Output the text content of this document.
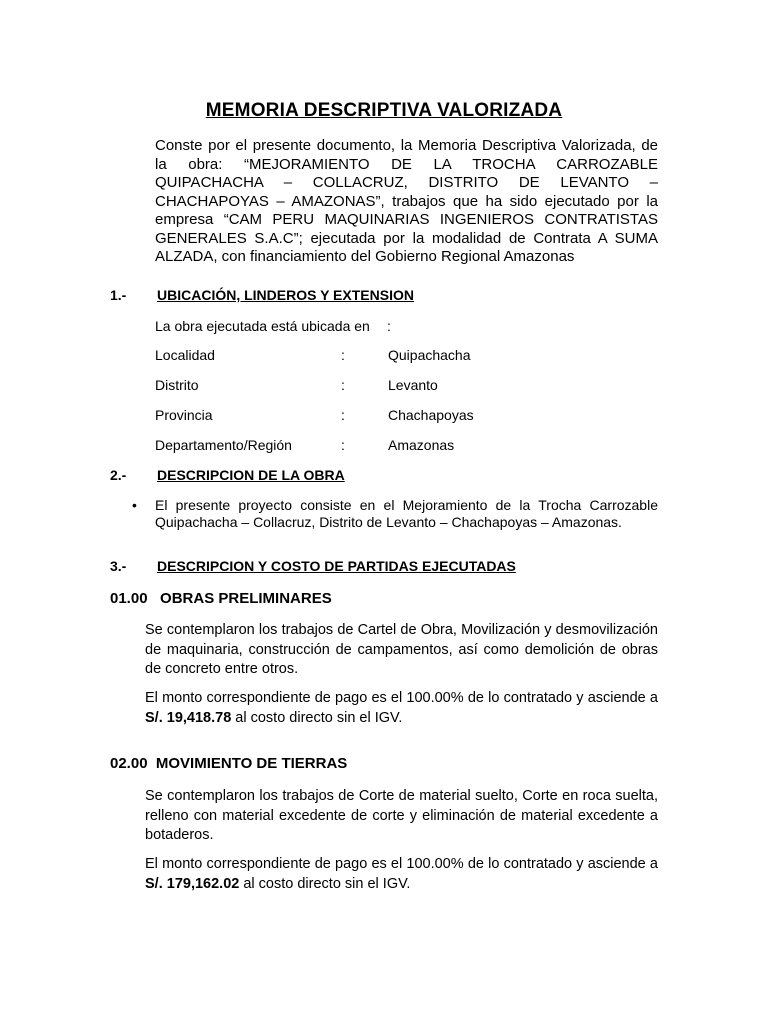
MEMORIA DESCRIPTIVA VALORIZADA

Conste por el presente documento, la Memoria Descriptiva Valorizada, de la obra: “MEJORAMIENTO DE LA TROCHA CARROZABLE QUIPACHACHA – COLLACRUZ, DISTRITO DE LEVANTO – CHACHAPOYAS – AMAZONAS”, trabajos que ha sido ejecutado por la empresa “CAM PERU MAQUINARIAS INGENIEROS CONTRATISTAS GENERALES S.A.C”; ejecutada por la modalidad de Contrata A SUMA ALZADA, con financiamiento del Gobierno Regional Amazonas

1.- UBICACIÓN, LINDEROS Y EXTENSION
La obra ejecutada está ubicada en :
Localidad	:	Quipachacha
Distrito	:	Levanto
Provincia	:	Chachapoyas
Departamento/Región	:	Amazonas
2.- DESCRIPCION DE LA OBRA
• El presente proyecto consiste en el Mejoramiento de la Trocha Carrozable Quipachacha – Collacruz, Distrito de Levanto – Chachapoyas – Amazonas.

3.- DESCRIPCION Y COSTO DE PARTIDAS EJECUTADAS
01.00   OBRAS PRELIMINARES

Se contemplaron los trabajos de Cartel de Obra, Movilización y desmovilización de maquinaria, construcción de campamentos, así como demolición de obras de concreto entre otros.

El monto correspondiente de pago es el 100.00% de lo contratado y asciende a S/. 19,418.78 al costo directo sin el IGV.

02.00  MOVIMIENTO DE TIERRAS

Se contemplaron los trabajos de Corte de material suelto, Corte en roca suelta, relleno con material excedente de corte y eliminación de material excedente a botaderos.

El monto correspondiente de pago es el 100.00% de lo contratado y asciende a S/. 179,162.02 al costo directo sin el IGV.
